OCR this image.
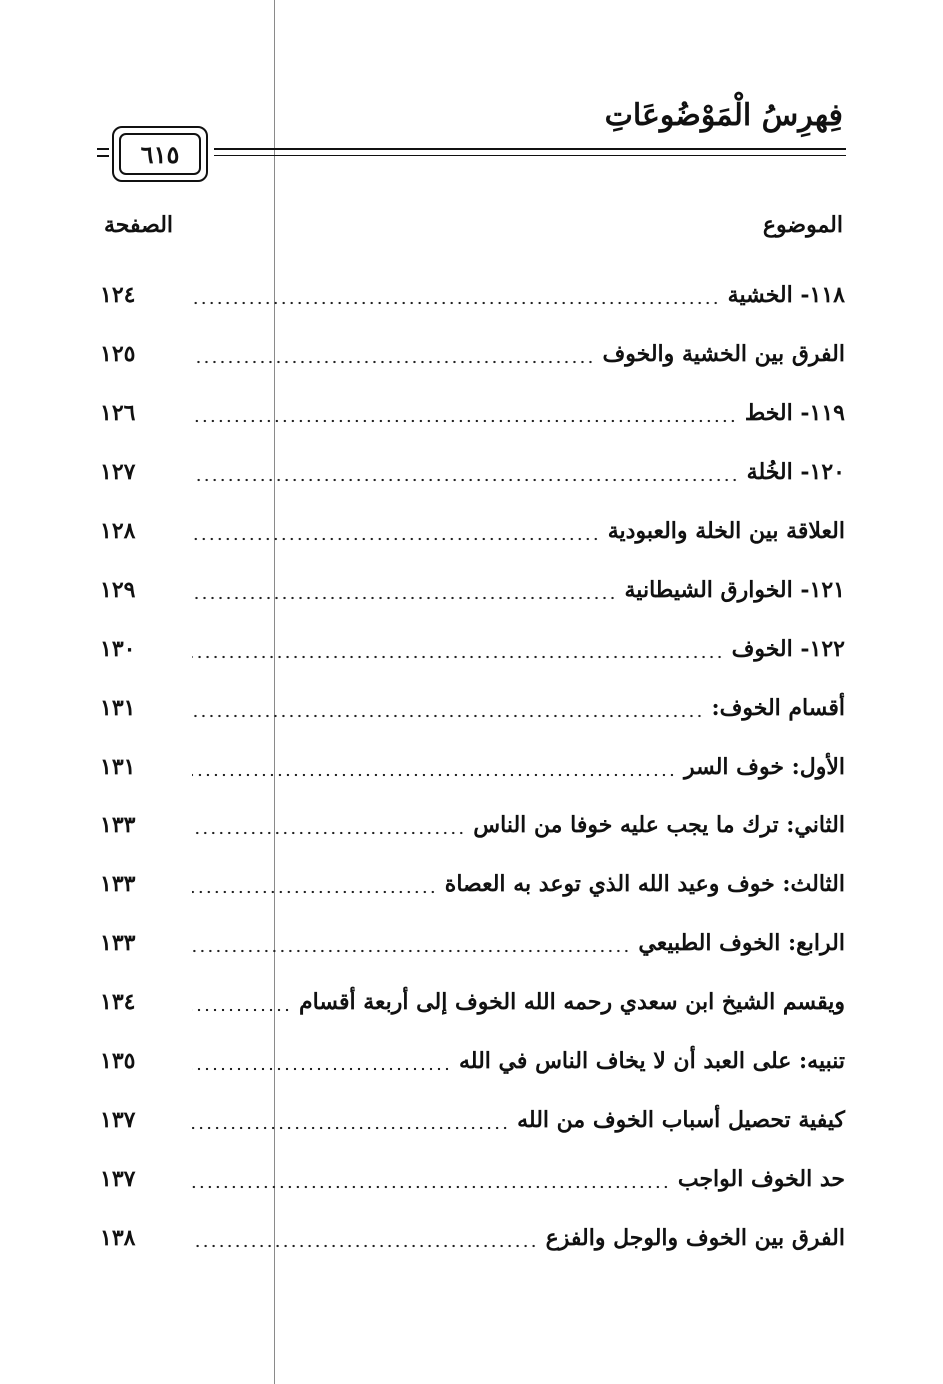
فِهرِسُ الْمَوْضُوعَاتِ
٦١٥
الموضوع
الصفحة
١١٨- الخشية
١٢٤
الفرق بين الخشية والخوف
١٢٥
١١٩- الخط
١٢٦
١٢٠- الخُلة
١٢٧
العلاقة بين الخلة والعبودية
١٢٨
١٢١- الخوارق الشيطانية
١٢٩
١٢٢- الخوف
١٣٠
أقسام الخوف:
١٣١
الأول: خوف السر
١٣١
الثاني: ترك ما يجب عليه خوفا من الناس
١٣٣
الثالث: خوف وعيد الله الذي توعد به العصاة
١٣٣
الرابع: الخوف الطبيعي
١٣٣
ويقسم الشيخ ابن سعدي رحمه الله الخوف إلى أربعة أقسام
١٣٤
تنبيه: على العبد أن لا يخاف الناس في الله
١٣٥
كيفية تحصيل أسباب الخوف من الله
١٣٧
حد الخوف الواجب
١٣٧
الفرق بين الخوف والوجل والفزع
١٣٨
